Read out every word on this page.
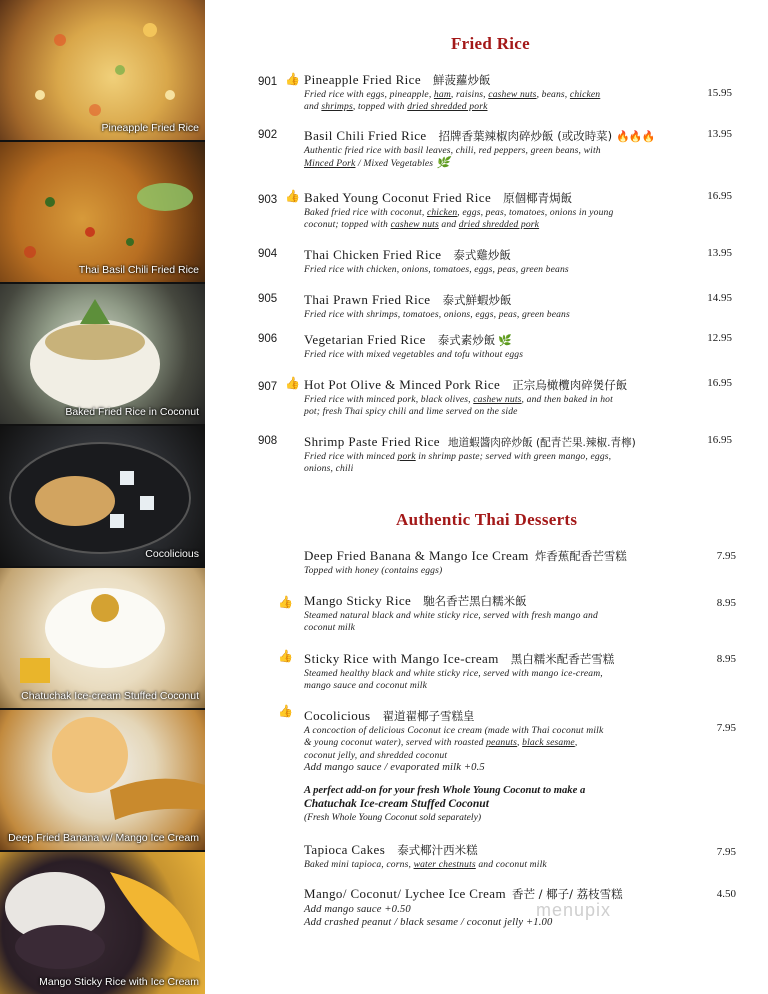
Pineapple Fried Rice
Thai Basil Chili Fried Rice
Baked Fried Rice in Coconut
Cocolicious
Chatuchak Ice-cream Stuffed Coconut
Deep Fried Banana w/ Mango Ice Cream
Mango Sticky Rice with Ice Cream
Fried Rice
901 👍 Pineapple Fried Rice 鮮菠蘿炒飯
Fried rice with eggs, pineapple, ham, raisins, cashew nuts, beans, chicken
and shrimps, topped with dried shredded pork
15.95
902 Basil Chili Fried Rice 招牌香葉辣椒肉碎炒飯 (或改時菜) 🔥🔥🔥
Authentic fried rice with basil leaves, chili, red peppers, green beans, with
Minced Pork / Mixed Vegetables 🌿
13.95
903 👍 Baked Young Coconut Fried Rice 原個椰青焗飯
Baked fried rice with coconut, chicken, eggs, peas, tomatoes, onions in young
coconut; topped with cashew nuts and dried shredded pork
16.95
904 Thai Chicken Fried Rice 泰式雞炒飯
Fried rice with chicken, onions, tomatoes, eggs, peas, green beans
13.95
905 Thai Prawn Fried Rice 泰式鮮蝦炒飯
Fried rice with shrimps, tomatoes, onions, eggs, peas, green beans
14.95
906 Vegetarian Fried Rice 泰式素炒飯 🌿
Fried rice with mixed vegetables and tofu without eggs
12.95
907 👍 Hot Pot Olive & Minced Pork Rice 正宗烏橄欖肉碎煲仔飯
Fried rice with minced pork, black olives, cashew nuts, and then baked in hot
pot; fresh Thai spicy chili and lime served on the side
16.95
908 Shrimp Paste Fried Rice 地道蝦醬肉碎炒飯 (配青芒果.辣椒.青檸)
Fried rice with minced pork in shrimp paste; served with green mango, eggs,
onions, chili
16.95
Authentic Thai Desserts
Deep Fried Banana & Mango Ice Cream 炸香蕉配香芒雪糕
Topped with honey (contains eggs)
7.95
👍 Mango Sticky Rice 馳名香芒黑白糯米飯
Steamed natural black and white sticky rice, served with fresh mango and
coconut milk
8.95
👍 Sticky Rice with Mango Ice-cream 黑白糯米配香芒雪糕
Steamed healthy black and white sticky rice, served with mango ice-cream,
mango sauce and coconut milk
8.95
👍 Cocolicious 翟道翟椰子雪糕皇
A concoction of delicious Coconut ice cream (made with Thai coconut milk
& young coconut water), served with roasted peanuts, black sesame,
coconut jelly, and shredded coconut
Add mango sauce / evaporated milk +0.5
7.95
A perfect add-on for your fresh Whole Young Coconut to make a
Chatuchak Ice-cream Stuffed Coconut
(Fresh Whole Young Coconut sold separately)
Tapioca Cakes 泰式椰汁西米糕
Baked mini tapioca, corns, water chestnuts and coconut milk
7.95
Mango/ Coconut/ Lychee Ice Cream 香芒 / 椰子/ 荔枝雪糕
Add mango sauce +0.50
Add crashed peanut / black sesame / coconut jelly +1.00
4.50
menupix
